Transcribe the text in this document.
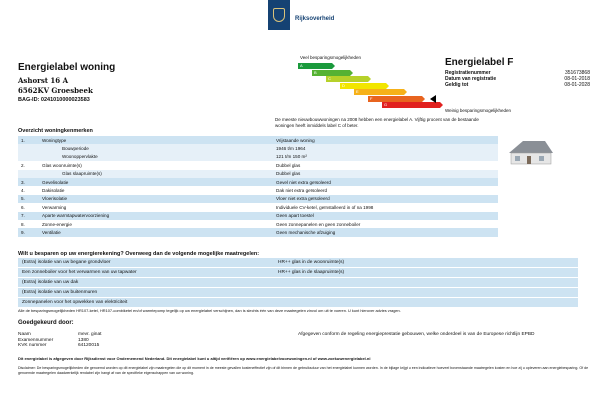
Rijksoverheid
Energielabel woning
Ashorst 16 A
6562KV Groesbeek
BAG-ID: 0241010000023583
Veel besparingsmogelijkheden
A
B
C
D
E
F
G
Weinig besparingsmogelijkheden
Energielabel F
Registratienummer	351673868
Datum van registratie	08-01-2018
Geldig tot	08-01-2028
De meeste nieuwbouwwoningen na 2008 hebben een energielabel A. Vijftig procent van de bestaande woningen heeft inmiddels label C of beter.
Overzicht woningkenmerken
1.	Woningtype	Vrijstaande woning
Bouwperiode	1946 t/m 1964
Woonoppervlakte	121 t/m 150 m²
2.	Glas woonruimte(s)	Dubbel glas
Glas slaapruimte(s)	Dubbel glas
3.	Gevelisolatie	Gevel niet extra geïsoleerd
4.	Dakisolatie	Dak niet extra geïsoleerd
5.	Vloerisolatie	Vloer niet extra geïsoleerd
6.	Verwarming	Individuele CV-ketel, geïnstalleerd in of na 1998
7.	Aparte warmtapwatervoorziening	Geen apart toestel
8.	Zonne-energie	Geen zonnepanelen en geen zonneboiler
9.	Ventilatie	Geen mechanische afzuiging
Wilt u besparen op uw energierekening? Overweeg dan de volgende mogelijke maatregelen:
(Extra) isolatie van uw begane grondvloer	HR++ glas in de woonruimte(s)
Een zonneboiler voor het verwarmen van uw tapwater	HR++ glas in de slaapruimte(s)
(Extra) isolatie van uw dak
(Extra) isolatie van uw buitenmuren
Zonnepanelen voor het opwekken van elektriciteit
Alle de besparingsmogelijkheden HR107-ketel, HR107-combiketel en/of warmtepomp tegelijk op uw energielabel verschijnen, dan is slechts één van deze maatregelen zinvol om uit te voeren. U kunt hierover advies vragen.
Goedgekeurd door:
Naam	mevr. ginat
Examennummer	1380
KVK nummer	64120015
Afgegeven conform de regeling energieprestatie gebouwen, welke onderdeel is van de Europese richtlijn EPBD
Dit energielabel is afgegeven door Rijksdienst voor Ondernemend Nederland. Dit energielabel kunt u altijd verifiëren op www.energielabelvoorwoningen.nl of www.zoekuwenergielabel.nl
Disclaimer: De besparingsmogelijkheden die genoemd worden op dit energielabel zijn maatregelen die op dit moment in de meeste gevallen kosteneffectief zijn of dit binnen de gebruiksduur van het energielabel kunnen worden. In de bijlage krijgt u een indicatieve hoeveel bovenstaande maatregelen kosten en hoe zij u opleveren aan energiebesparing. Of de genoemde maatregelen daadwerkelijk rendabel zijn hangt af van de specifieke eigenschappen van uw woning.
